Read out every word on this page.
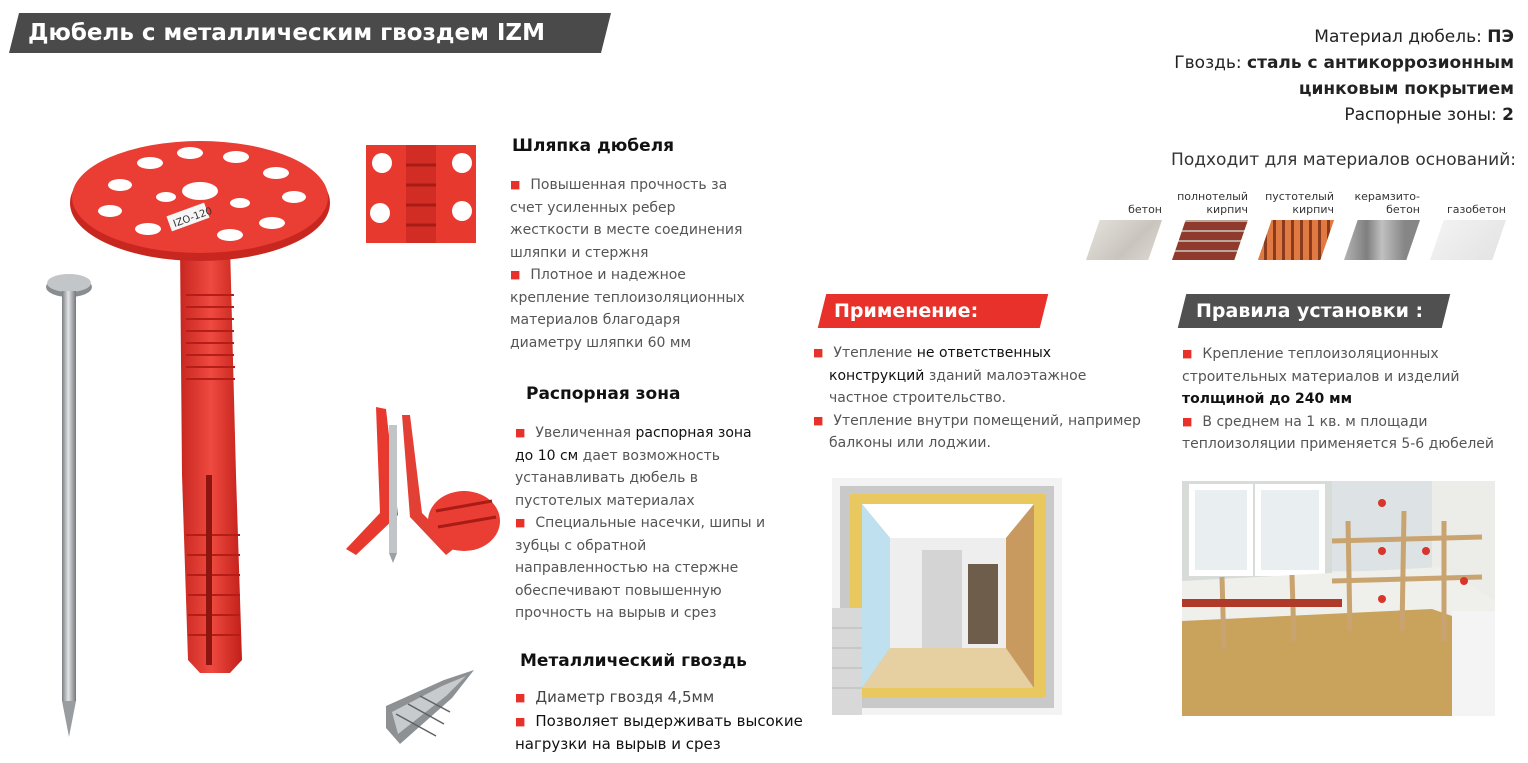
Дюбель с металлическим гвоздем IZM	Материал дюбель: ПЭ
Гвоздь: сталь с антикоррозионным
цинковым покрытием
Распорные зоны: 2
Подходит для материалов оснований:

бетон
полнотелый
кирпич
пустотелый
кирпич
керамзито-
бетон газобетон
IZO-120
Шляпка дюбеля
■ Повышенная прочность за
счет усиленных ребер
жесткости в месте соединения
шляпки и стержня
■ Плотное и надежное
крепление теплоизоляционных
материалов благодаря
диаметру шляпки 60 мм
Распорная зона
■ Увеличенная распорная зона
до 10 см дает возможность
устанавливать дюбель в
пустотелых материалах
■ Специальные насечки, шипы и
зубцы с обратной
направленностью на стержне
обеспечивают повышенную
прочность на вырыв и срез
Металлический гвоздь
■ Диаметр гвоздя 4,5мм
■ Позволяет выдерживать высокие
нагрузки на вырыв и срез
Применение:
■ Утепление не ответственных
конструкций зданий малоэтажное
частное строительство.
■ Утепление внутри помещений, например
балконы или лоджии.
Правила установки :
■ Крепление теплоизоляционных
строительных материалов и изделий
толщиной до 240 мм
■ В среднем на 1 кв. м площади
теплоизоляции применяется 5-6 дюбелей
